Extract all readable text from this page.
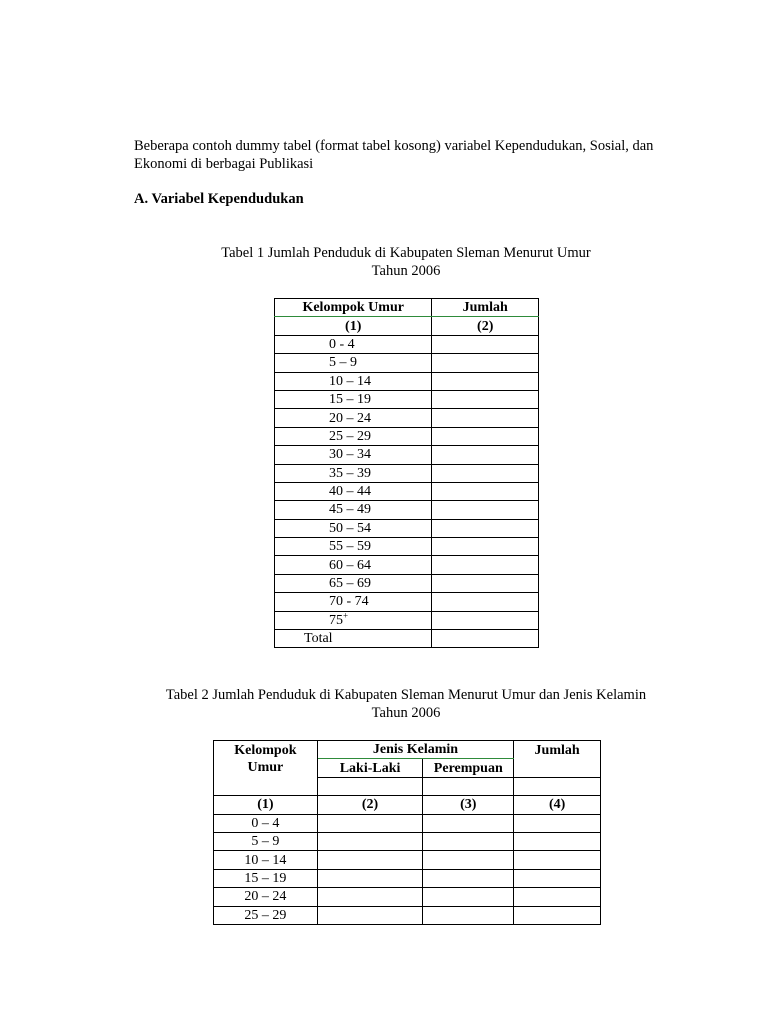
Beberapa contoh dummy tabel (format tabel kosong) variabel Kependudukan, Sosial, dan Ekonomi di berbagai Publikasi
A. Variabel Kependudukan
Tabel 1 Jumlah Penduduk di Kabupaten Sleman Menurut Umur
Tahun 2006
Kelompok Umur	Jumlah
(1)	(2)
0 - 4	
5 – 9	
10 – 14	
15 – 19	
20 – 24	
25 – 29	
30 – 34	
35 – 39	
40 – 44	
45 – 49	
50 – 54	
55 – 59	
60 – 64	
65 – 69	
70 - 74	
75+	
Total	
Tabel 2 Jumlah Penduduk di Kabupaten Sleman Menurut Umur dan Jenis Kelamin
Tahun 2006
Kelompok
Umur	Jenis Kelamin		Jumlah
	Laki-Laki	Perempuan	

(1)	(2)	(3)	(4)
0 – 4			
5 – 9			
10 – 14			
15 – 19			
20 – 24			
25 – 29			
